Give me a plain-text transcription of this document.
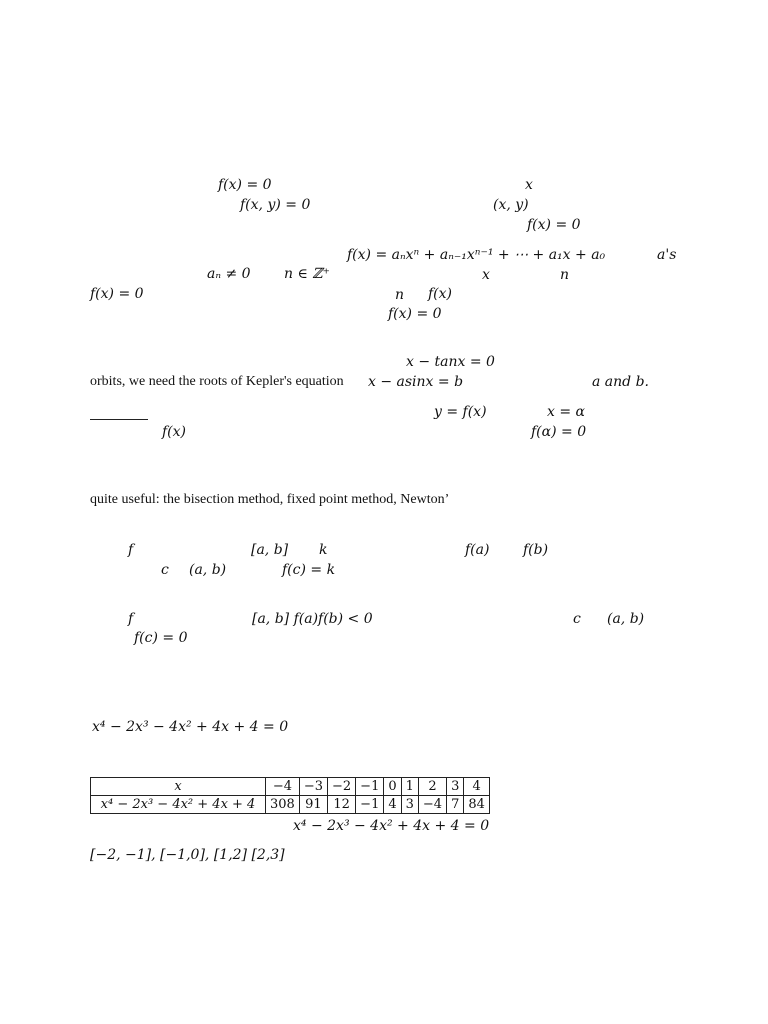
f(x) = 0	x
f(x, y) = 0	(x, y)
f(x) = 0
f(x) = aₙxⁿ + aₙ₋₁xⁿ⁻¹ + ⋯ + a₁x + a₀	a's
aₙ ≠ 0 n ∈ ℤ⁺	x	n
f(x) = 0	n f(x)
f(x) = 0
x − tanx = 0
orbits, we need the roots of Kepler's equation x − asinx = b	a and b.
y = f(x)	x = α
f(x)	f(α) = 0
quite useful: the bisection method, fixed point method, Newton’
f	[a, b] k	f(a) f(b)
c (a, b)	f(c) = k
f	[a, b] f(a)f(b) < 0	c (a, b)
f(c) = 0
x⁴ − 2x³ − 4x² + 4x + 4 = 0
x	−4	−3	−2	−1	0	1	2	3	4
x⁴ − 2x³ − 4x² + 4x + 4	308	91	12	−1	4	3	−4	7	84
x⁴ − 2x³ − 4x² + 4x + 4 = 0
[−2, −1], [−1,0], [1,2] [2,3]
